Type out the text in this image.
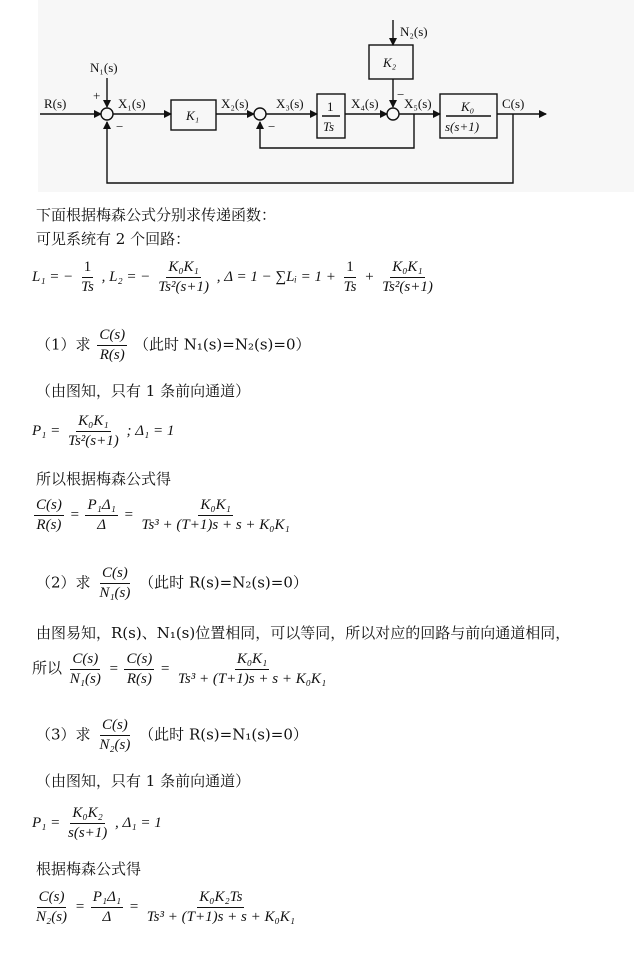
R(s)
N₁(s)
X₁(s)	X₂(s) X₃(s)	X₄(s) X₅(s)
N₂(s)
C(s)
K₁
K₂
1
Ts
K₀
s(s+1)
+
−	−
−
下面根据梅森公式分别求传递函数：
可见系统有 2 个回路：
L₁ = − $\frac{1}{Ts}$ , L₂ = − $\frac{\text{K₀K₁}}{\text{Ts²(s+1)}}$ , Δ = 1 − ∑Lᵢ = $1 + \frac{1}{Ts} + \frac{\text{K₀K₁}}{\text{Ts²(s+1)}}$
（1）求 $\frac{C(s)}{R(s)}$ （此时 N₁(s)=N₂(s)=0）
（由图知，只有 1 条前向通道）
$P_1 = \frac{\text{K₀K₁}}{\text{Ts²(s+1)}}$ ; Δ₁ = 1
所以根据梅森公式得
$\frac{C(s)}{R(s)} = \frac{\text{P₁Δ₁}}{\Delta} = \frac{\text{K₀K₁}}{\text{Ts³ + (T+1)s + s + K₀K₁}}$
（2）求 $\frac{C(s)}{\text{N₁(s)}}$ （此时 R(s)=N₂(s)=0）
由图易知，R(s)、N₁(s)位置相同，可以等同，所以对应的回路与前向通道相同，
所以 $\frac{C(s)}{\text{N₁(s)}} = \frac{C(s)}{R(s)} = \frac{\text{K₀K₁}}{\text{Ts³ + (T+1)s + s + K₀K₁}}$
（3）求 $\frac{C(s)}{\text{N₂(s)}}$ （此时 R(s)=N₁(s)=0）
（由图知，只有 1 条前向通道）
$P_1 = \frac{\text{K₀K₂}}{s(s+1)}$ , Δ₁ = 1
根据梅森公式得
$\frac{C(s)}{\text{N₂(s)}} = \frac{\text{P₁Δ₁}}{\Delta} = \frac{\text{K₀K₂Ts}}{\text{Ts³ + (T+1)s + s + K₀K₁}}$
